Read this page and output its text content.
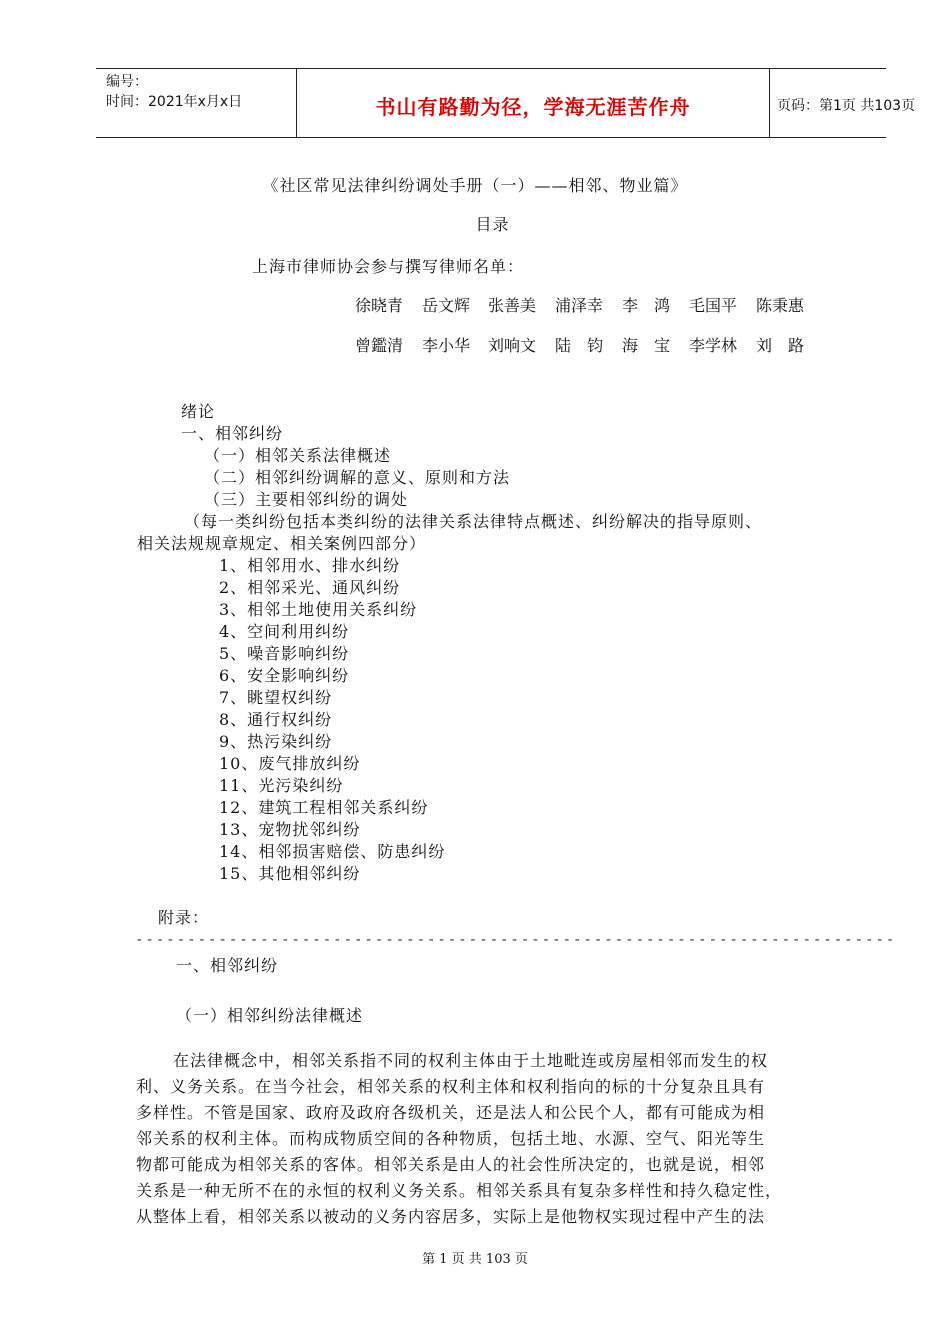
编号：
时间：2021年x月x日	书山有路勤为径，学海无涯苦作舟	页码：第1页 共103页
《社区常见法律纠纷调处手册（一）——相邻、物业篇》
目录
上海市律师协会参与撰写律师名单：
徐晓青 岳文辉 张善美 浦泽幸 李　鸿 毛国平 陈秉惠
曾鑑清 李小华 刘响文 陆　钧 海　宝 李学林 刘　路
绪论
一、相邻纠纷
（一）相邻关系法律概述
（二）相邻纠纷调解的意义、原则和方法
（三）主要相邻纠纷的调处
（每一类纠纷包括本类纠纷的法律关系法律特点概述、纠纷解决的指导原则、
相关法规规章规定、相关案例四部分）
1、相邻用水、排水纠纷
2、相邻采光、通风纠纷
3、相邻土地使用关系纠纷
4、空间利用纠纷
5、噪音影响纠纷
6、安全影响纠纷
7、眺望权纠纷
8、通行权纠纷
9、热污染纠纷
10、废气排放纠纷
11、光污染纠纷
12、建筑工程相邻关系纠纷
13、宠物扰邻纠纷
14、相邻损害赔偿、防患纠纷
15、其他相邻纠纷
附录：
-------------------------------------------------------------------------
一、相邻纠纷
（一）相邻纠纷法律概述
在法律概念中，相邻关系指不同的权利主体由于土地毗连或房屋相邻而发生的权
利、义务关系。在当今社会，相邻关系的权利主体和权利指向的标的十分复杂且具有
多样性。不管是国家、政府及政府各级机关，还是法人和公民个人，都有可能成为相
邻关系的权利主体。而构成物质空间的各种物质，包括土地、水源、空气、阳光等生
物都可能成为相邻关系的客体。相邻关系是由人的社会性所决定的，也就是说，相邻
关系是一种无所不在的永恒的权利义务关系。相邻关系具有复杂多样性和持久稳定性，
从整体上看，相邻关系以被动的义务内容居多，实际上是他物权实现过程中产生的法
第 1 页 共 103 页
